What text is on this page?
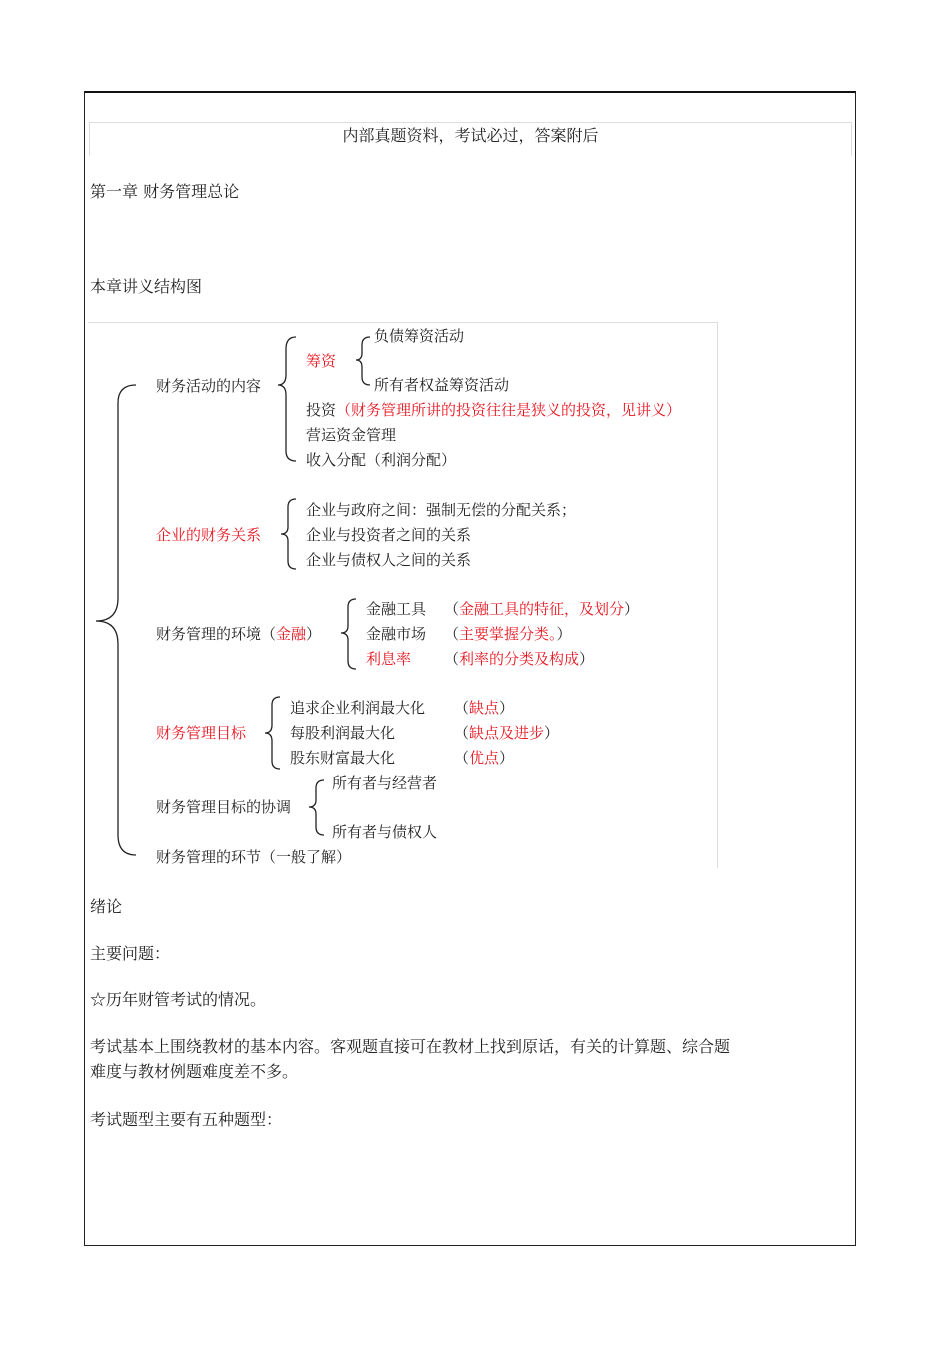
内部真题资料，考试必过，答案附后
第一章 财务管理总论
本章讲义结构图
财务活动的内容
筹资
负债筹资活动
所有者权益筹资活动
投资（财务管理所讲的投资往往是狭义的投资，见讲义）
营运资金管理
收入分配（利润分配）
企业的财务关系
企业与政府之间：强制无偿的分配关系；
企业与投资者之间的关系
企业与债权人之间的关系
财务管理的环境（金融）
金融工具 （金融工具的特征，及划分）
金融市场 （主要掌握分类。）
利息率 （利率的分类及构成）
财务管理目标
追求企业利润最大化 （缺点）
每股利润最大化	（缺点及进步）
股东财富最大化	（优点）
财务管理目标的协调
所有者与经营者
所有者与债权人
财务管理的环节（一般了解）
绪论
主要问题：
☆历年财管考试的情况。
考试基本上围绕教材的基本内容。客观题直接可在教材上找到原话，有关的计算题、综合题
难度与教材例题难度差不多。
考试题型主要有五种题型：
